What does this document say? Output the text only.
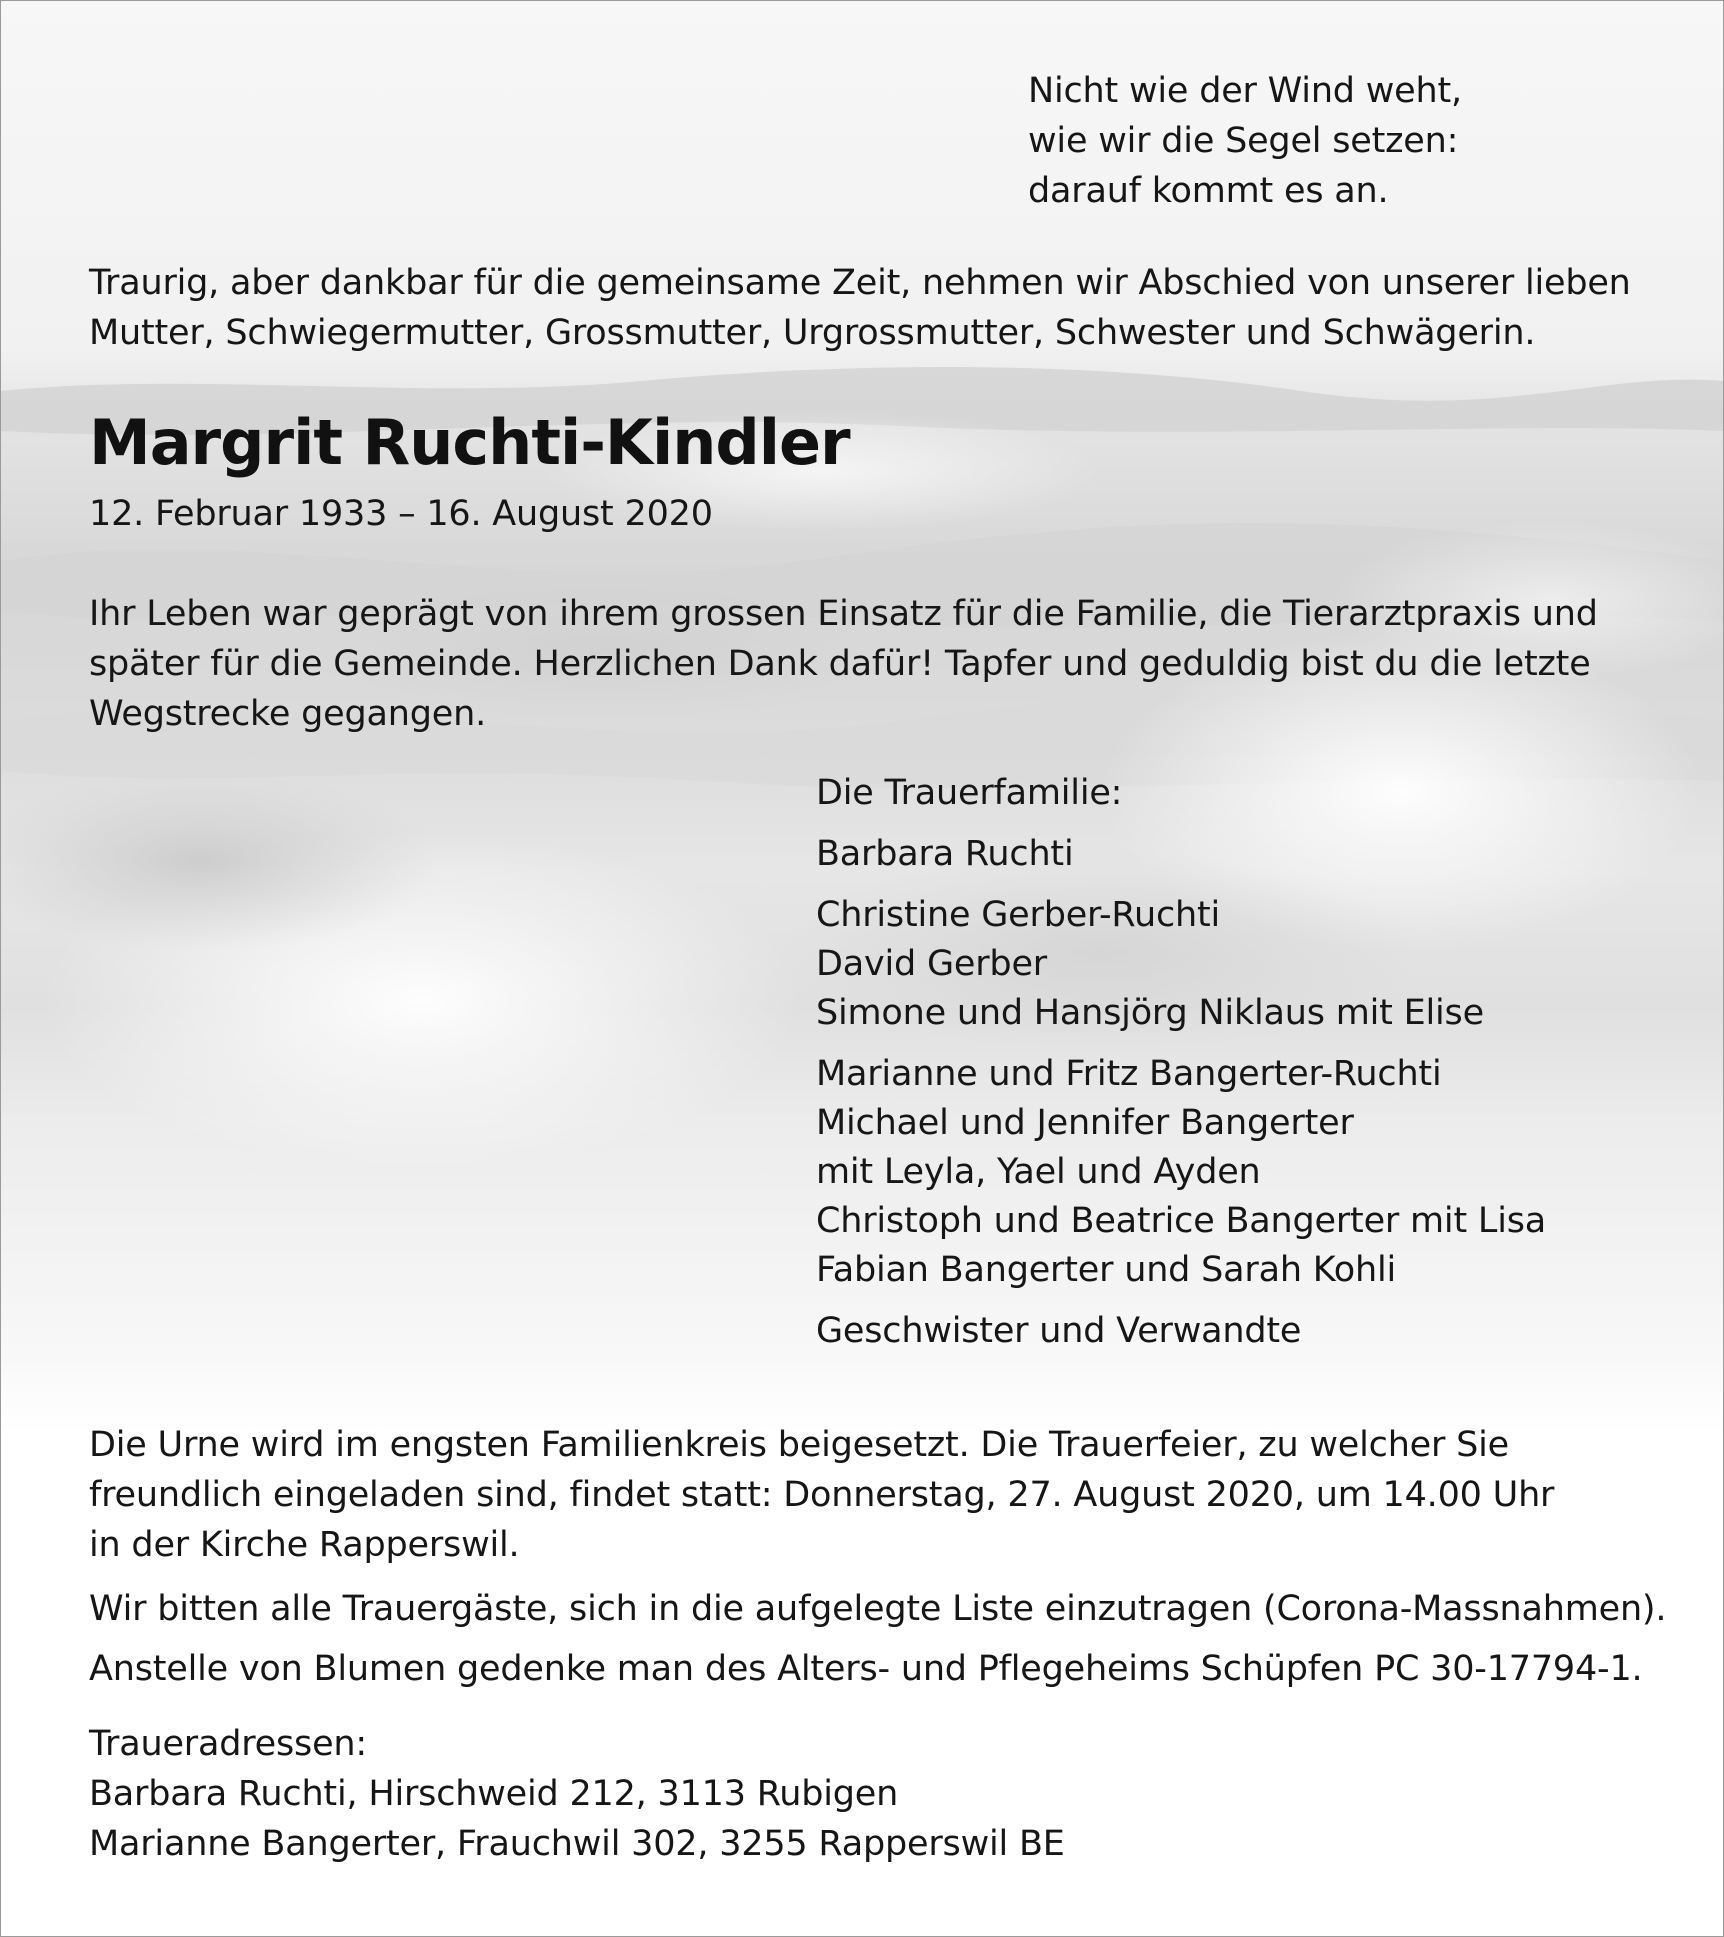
Nicht wie der Wind weht,
wie wir die Segel setzen:
darauf kommt es an.
Traurig, aber dankbar für die gemeinsame Zeit, nehmen wir Abschied von unserer lieben
Mutter, Schwiegermutter, Grossmutter, Urgrossmutter, Schwester und Schwägerin.
Margrit Ruchti-Kindler
12. Februar 1933 – 16. August 2020
Ihr Leben war geprägt von ihrem grossen Einsatz für die Familie, die Tierarztpraxis und
später für die Gemeinde. Herzlichen Dank dafür! Tapfer und geduldig bist du die letzte
Wegstrecke gegangen.

Die Trauerfamilie:

Barbara Ruchti

Christine Gerber-Ruchti

David Gerber

Simone und Hansjörg Niklaus mit Elise

Marianne und Fritz Bangerter-Ruchti

Michael und Jennifer Bangerter

mit Leyla, Yael und Ayden

Christoph und Beatrice Bangerter mit Lisa

Fabian Bangerter und Sarah Kohli

Geschwister und Verwandte

Die Urne wird im engsten Familienkreis beigesetzt. Die Trauerfeier, zu welcher Sie
freundlich eingeladen sind, findet statt: Donnerstag, 27. August 2020, um 14.00 Uhr
in der Kirche Rapperswil.

Wir bitten alle Trauergäste, sich in die aufgelegte Liste einzutragen (Corona-Massnahmen).

Anstelle von Blumen gedenke man des Alters- und Pflegeheims Schüpfen PC 30-17794-1.

Traueradressen:
Barbara Ruchti, Hirschweid 212, 3113 Rubigen
Marianne Bangerter, Frauchwil 302, 3255 Rapperswil BE
